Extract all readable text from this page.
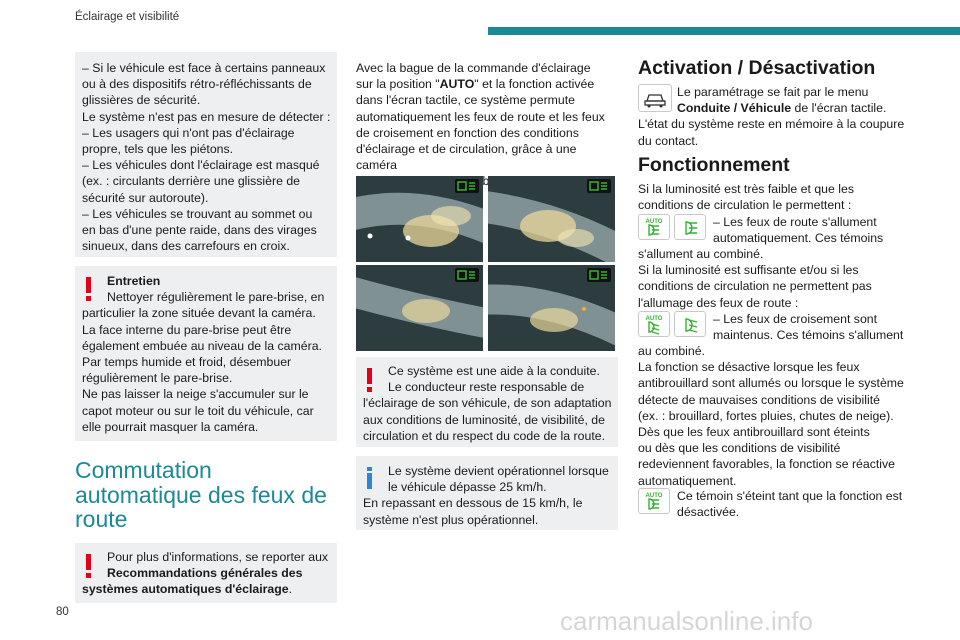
Éclairage et visibilité
– Si le véhicule est face à certains panneaux
ou à des dispositifs rétro-réfléchissants de
glissières de sécurité.
Le système n'est pas en mesure de détecter :
– Les usagers qui n'ont pas d'éclairage
propre, tels que les piétons.
– Les véhicules dont l'éclairage est masqué
(ex. : circulants derrière une glissière de
sécurité sur autoroute).
– Les véhicules se trouvant au sommet ou
en bas d'une pente raide, dans des virages
sinueux, dans des carrefours en croix.
Entretien
Nettoyer régulièrement le pare-brise, en
particulier la zone située devant la caméra.
La face interne du pare-brise peut être
également embuée au niveau de la caméra.
Par temps humide et froid, désembuer
régulièrement le pare-brise.
Ne pas laisser la neige s'accumuler sur le
capot moteur ou sur le toit du véhicule, car
elle pourrait masquer la caméra.
Commutation
automatique des feux de
route
Pour plus d'informations, se reporter aux
Recommandations générales des
systèmes automatiques d'éclairage.
Avec la bague de la commande d'éclairage
sur la position "AUTO" et la fonction activée
dans l'écran tactile, ce système permute
automatiquement les feux de route et les feux
de croisement en fonction des conditions
d'éclairage et de circulation, grâce à une caméra
pare-brise.
Ce système est une aide à la conduite.
Le conducteur reste responsable de
l'éclairage de son véhicule, de son adaptation
aux conditions de luminosité, de visibilité, de
circulation et du respect du code de la route.
Le système devient opérationnel lorsque
le véhicule dépasse 25 km/h.
En repassant en dessous de 15 km/h, le
système n'est plus opérationnel.
Activation / Désactivation
Le paramétrage se fait par le menu
Conduite / Véhicule de l'écran tactile.
L'état du système reste en mémoire à la coupure
du contact.
Fonctionnement
Si la luminosité est très faible et que les
conditions de circulation le permettent :
AUTO	– Les feux de route s'allument
automatiquement. Ces témoins
s'allument au combiné.
Si la luminosité est suffisante et/ou si les
conditions de circulation ne permettent pas
l'allumage des feux de route :
AUTO	– Les feux de croisement sont
maintenus. Ces témoins s'allument
au combiné.
La fonction se désactive lorsque les feux
antibrouillard sont allumés ou lorsque le système
détecte de mauvaises conditions de visibilité
(ex. : brouillard, fortes pluies, chutes de neige).
Dès que les feux antibrouillard sont éteints
ou dès que les conditions de visibilité
redeviennent favorables, la fonction se réactive
automatiquement.
AUTO Ce témoin s'éteint tant que la fonction est
désactivée.
80	carmanualsonline.info
